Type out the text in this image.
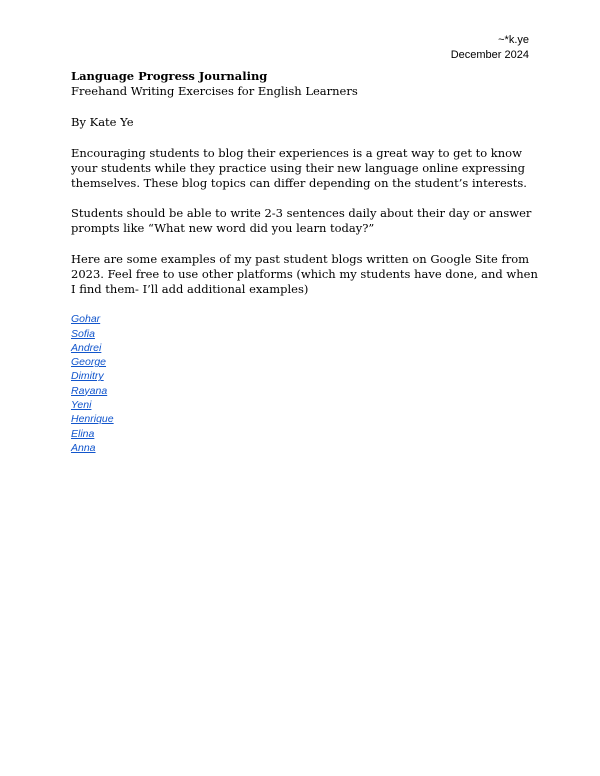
~*k.ye
December 2024

Language Progress Journaling

Freehand Writing Exercises for English Learners

By Kate Ye

Encouraging students to blog their experiences is a great way to get to know your students while they practice using their new language online expressing themselves. These blog topics can differ depending on the student’s interests.

Students should be able to write 2-3 sentences daily about their day or answer prompts like “What new word did you learn today?”

Here are some examples of my past student blogs written on Google Site from 2023. Feel free to use other platforms (which my students have done, and when I find them- I’ll add additional examples)

Gohar
Sofia
Andrei
George
Dimitry
Rayana
Yeni
Henrique
Elina
Anna
